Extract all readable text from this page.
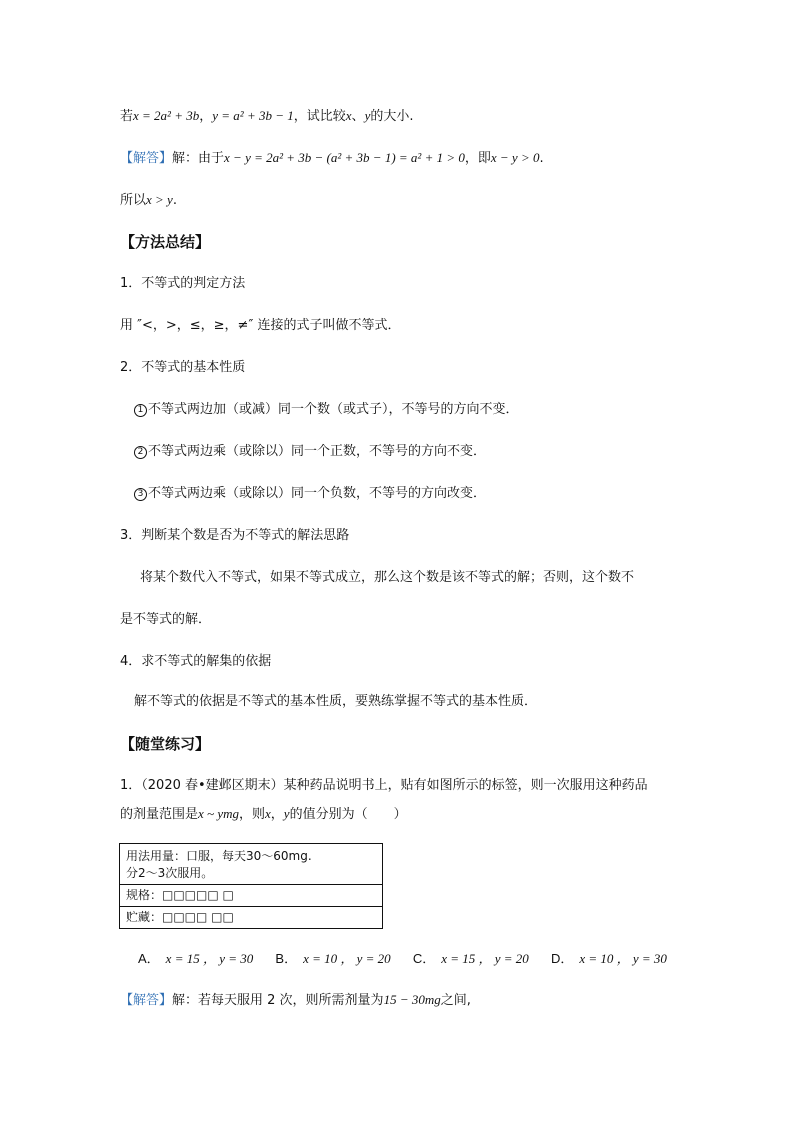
若x = 2a² + 3b，y = a² + 3b − 1，试比较x、y的大小.
【解答】解：由于x − y = 2a² + 3b − (a² + 3b − 1) = a² + 1 > 0，即x − y > 0.
所以x > y.
【方法总结】
1．不等式的判定方法
用 ″<，>，≤，≥，≠″ 连接的式子叫做不等式．
2．不等式的基本性质
1 不等式两边加（或减）同一个数（或式子），不等号的方向不变．
2 不等式两边乘（或除以）同一个正数，不等号的方向不变．
3 不等式两边乘（或除以）同一个负数，不等号的方向改变．
3．判断某个数是否为不等式的解法思路
将某个数代入不等式，如果不等式成立，那么这个数是该不等式的解；否则，这个数不
是不等式的解．
4．求不等式的解集的依据
解不等式的依据是不等式的基本性质，要熟练掌握不等式的基本性质．
【随堂练习】
1．（2020 春•建邺区期末）某种药品说明书上，贴有如图所示的标签，则一次服用这种药品
的剂量范围是x ~ ymg，则x，y的值分别为（　　）
用法用量：口服，每天30～60mg.
分2～3次服用。
规格：□□□□□ □
贮藏：□□□□ □□
A． x = 15 ， y = 30 B． x = 10 ， y = 20 C． x = 15 ， y = 20 D． x = 10 ， y = 30
【解答】解：若每天服用 2 次，则所需剂量为15 − 30mg之间,
